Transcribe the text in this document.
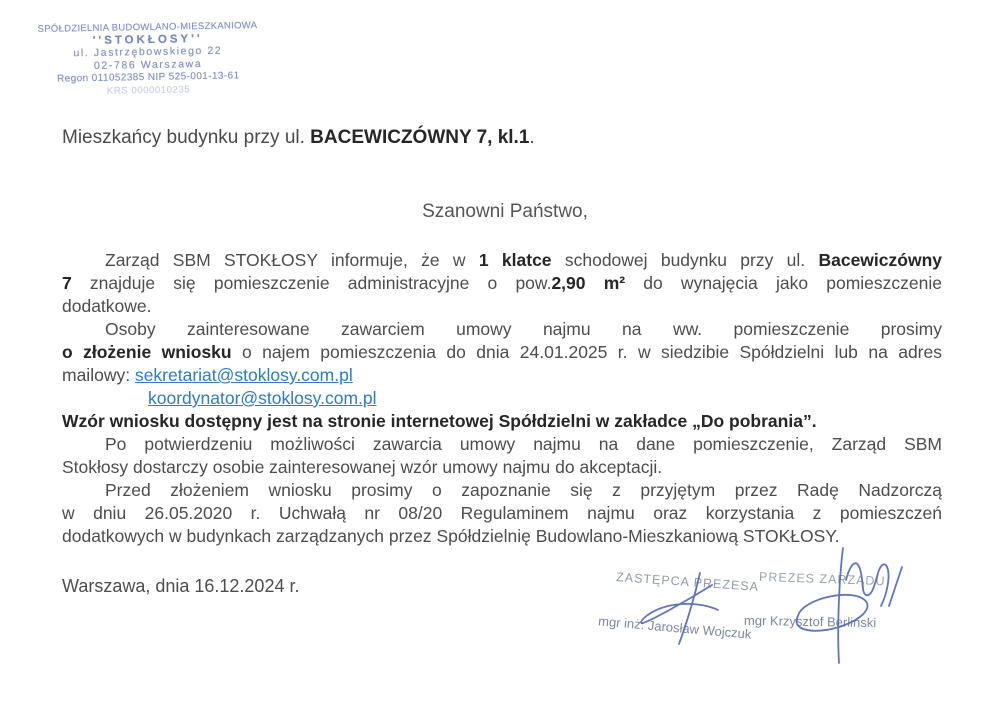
SPÓŁDZIELNIA BUDOWLANO-MIESZKANIOWA
''STOKŁOSY''
ul. Jastrzębowskiego 22
02-786 Warszawa
Regon 011052385 NIP 525-001-13-61
KRS 0000010235
Mieszkańcy budynku przy ul. BACEWICZÓWNY 7, kl.1.
Szanowni Państwo,
Zarząd SBM STOKŁOSY informuje, że w 1 klatce schodowej budynku przy ul. Bacewiczówny
7 znajduje się pomieszczenie administracyjne o pow.2,90 m² do wynajęcia jako pomieszczenie
dodatkowe.
Osoby zainteresowane zawarciem umowy najmu na ww. pomieszczenie prosimy
o złożenie wniosku o najem pomieszczenia do dnia 24.01.2025 r. w siedzibie Spółdzielni lub na adres
mailowy: sekretariat@stoklosy.com.pl
koordynator@stoklosy.com.pl
Wzór wniosku dostępny jest na stronie internetowej Spółdzielni w zakładce „Do pobrania”.
Po potwierdzeniu możliwości zawarcia umowy najmu na dane pomieszczenie, Zarząd SBM
Stokłosy dostarczy osobie zainteresowanej wzór umowy najmu do akceptacji.
Przed złożeniem wniosku prosimy o zapoznanie się z przyjętym przez Radę Nadzorczą
w dniu 26.05.2020 r. Uchwałą nr 08/20 Regulaminem najmu oraz korzystania z pomieszczeń
dodatkowych w budynkach zarządzanych przez Spółdzielnię Budowlano-Mieszkaniową STOKŁOSY.
Warszawa, dnia 16.12.2024 r.	ZASTĘPCA PREZESA
mgr inż. Jarosław Wojczuk
PREZES ZARZĄDU
mgr Krzysztof Berliński
